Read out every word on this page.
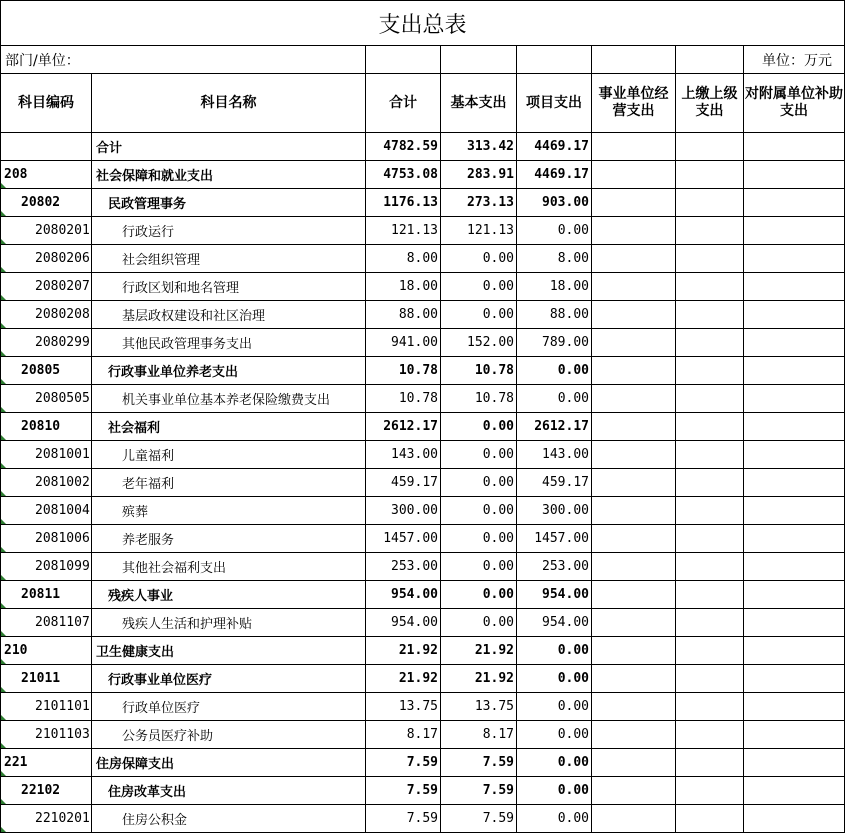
支出总表							
部门/单位：							单位：万元
科目编码	科目名称	合计	基本支出	项目支出	事业单位经营支出	上缴上级支出	对附属单位补助支出
	合计	4782.59	313.42	4469.17			
208	社会保障和就业支出	4753.08	283.91	4469.17			
20802	民政管理事务	1176.13	273.13	903.00			
2080201	行政运行	121.13	121.13	0.00			
2080206	社会组织管理	8.00	0.00	8.00			
2080207	行政区划和地名管理	18.00	0.00	18.00			
2080208	基层政权建设和社区治理	88.00	0.00	88.00			
2080299	其他民政管理事务支出	941.00	152.00	789.00			
20805	行政事业单位养老支出	10.78	10.78	0.00			
2080505	机关事业单位基本养老保险缴费支出	10.78	10.78	0.00			
20810	社会福利	2612.17	0.00	2612.17			
2081001	儿童福利	143.00	0.00	143.00			
2081002	老年福利	459.17	0.00	459.17			
2081004	殡葬	300.00	0.00	300.00			
2081006	养老服务	1457.00	0.00	1457.00			
2081099	其他社会福利支出	253.00	0.00	253.00			
20811	残疾人事业	954.00	0.00	954.00			
2081107	残疾人生活和护理补贴	954.00	0.00	954.00			
210	卫生健康支出	21.92	21.92	0.00			
21011	行政事业单位医疗	21.92	21.92	0.00			
2101101	行政单位医疗	13.75	13.75	0.00			
2101103	公务员医疗补助	8.17	8.17	0.00			
221	住房保障支出	7.59	7.59	0.00			
22102	住房改革支出	7.59	7.59	0.00			
2210201	住房公积金	7.59	7.59	0.00			
